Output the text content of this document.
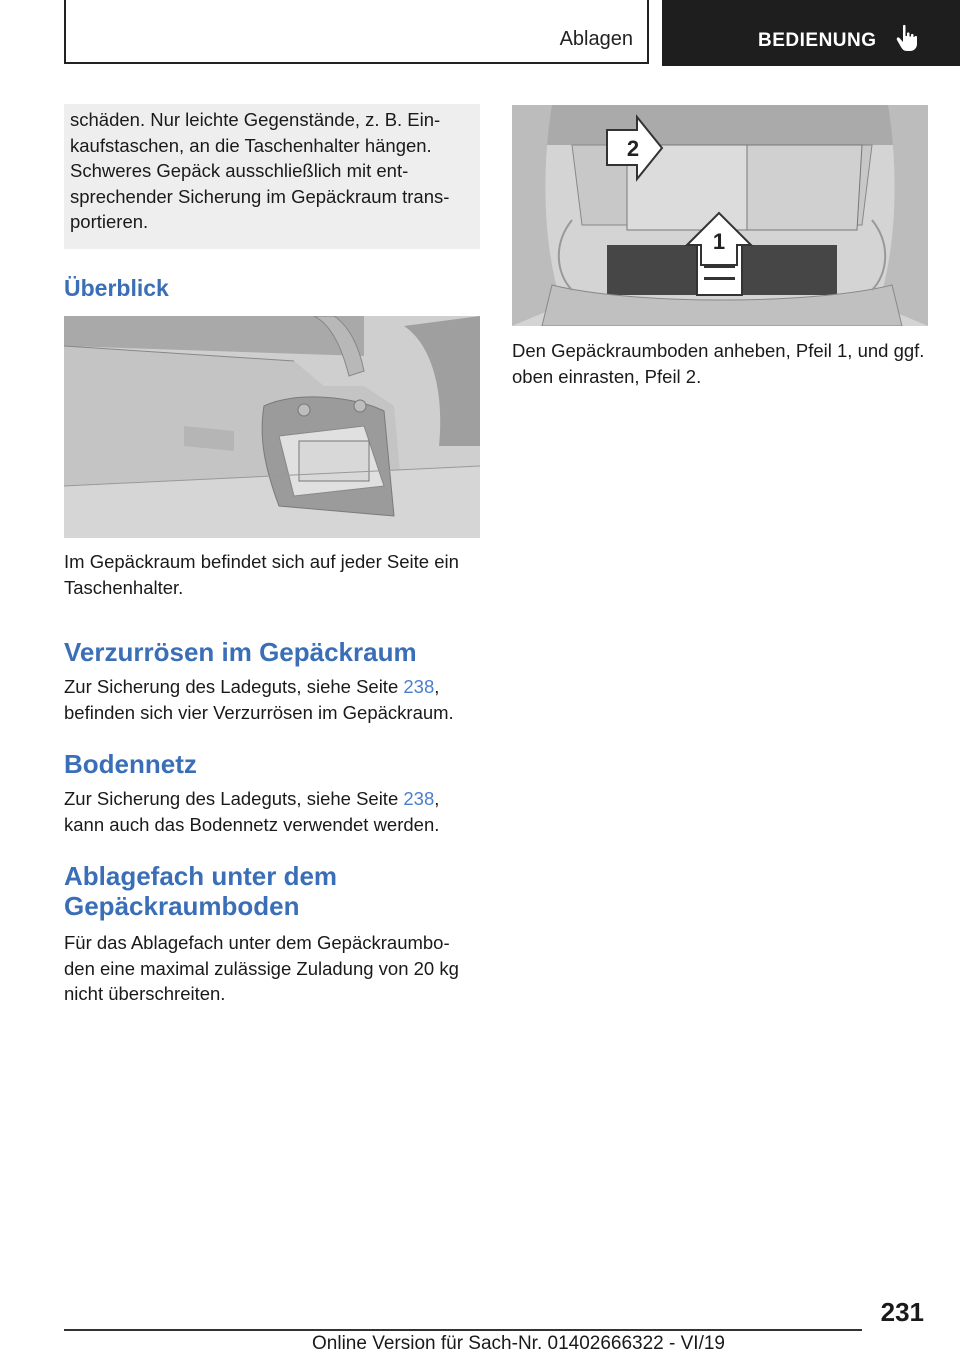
Ablagen	BEDIENUNG
schäden. Nur leichte Gegenstände, z. B. Ein-kaufstaschen, an die Taschenhalter hängen. Schweres Gepäck ausschließlich mit ent-sprechender Sicherung im Gepäckraum trans-portieren.
Überblick
Im Gepäckraum befindet sich auf jeder Seite ein Taschenhalter.
Verzurrösen im Gepäckraum
Zur Sicherung des Ladeguts, siehe Seite 238, befinden sich vier Verzurrösen im Gepäckraum.
Bodennetz
Zur Sicherung des Ladeguts, siehe Seite 238, kann auch das Bodennetz verwendet werden.
Ablagefach unter dem Gepäckraumboden
Für das Ablagefach unter dem Gepäckraumbo-den eine maximal zulässige Zuladung von 20 kg nicht überschreiten.
1
2
Den Gepäckraumboden anheben, Pfeil 1, und ggf. oben einrasten, Pfeil 2.
231
Online Version für Sach-Nr. 01402666322 - VI/19
